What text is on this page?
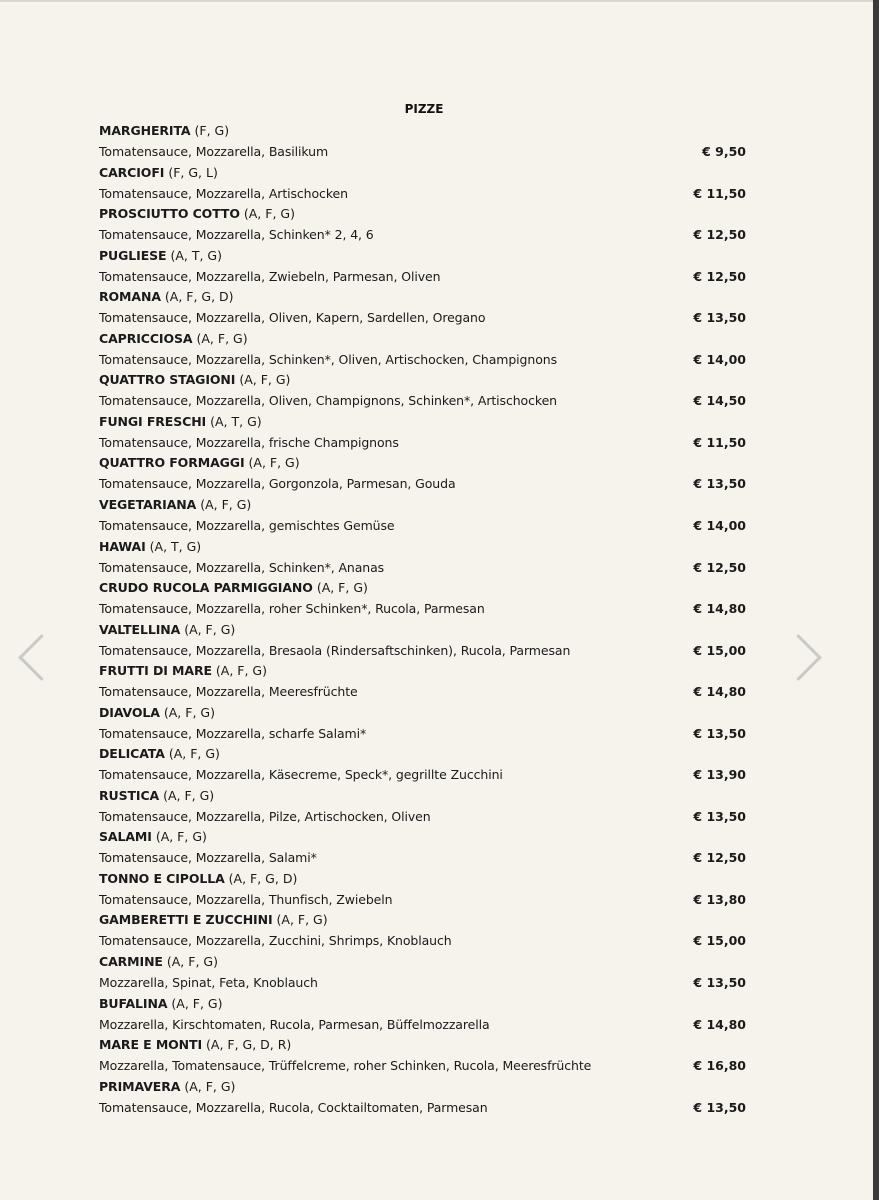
PIZZE
MARGHERITA (F, G)
Tomatensauce, Mozzarella, Basilikum	€ 9,50
CARCIOFI (F, G, L)
Tomatensauce, Mozzarella, Artischocken	€ 11,50
PROSCIUTTO COTTO (A, F, G)
Tomatensauce, Mozzarella, Schinken* 2, 4, 6	€ 12,50
PUGLIESE (A, T, G)
Tomatensauce, Mozzarella, Zwiebeln, Parmesan, Oliven	€ 12,50
ROMANA (A, F, G, D)
Tomatensauce, Mozzarella, Oliven, Kapern, Sardellen, Oregano	€ 13,50
CAPRICCIOSA (A, F, G)
Tomatensauce, Mozzarella, Schinken*, Oliven, Artischocken, Champignons	€ 14,00
QUATTRO STAGIONI (A, F, G)
Tomatensauce, Mozzarella, Oliven, Champignons, Schinken*, Artischocken	€ 14,50
FUNGI FRESCHI (A, T, G)
Tomatensauce, Mozzarella, frische Champignons	€ 11,50
QUATTRO FORMAGGI (A, F, G)
Tomatensauce, Mozzarella, Gorgonzola, Parmesan, Gouda	€ 13,50
VEGETARIANA (A, F, G)
Tomatensauce, Mozzarella, gemischtes Gemüse	€ 14,00
HAWAI (A, T, G)
Tomatensauce, Mozzarella, Schinken*, Ananas	€ 12,50
CRUDO RUCOLA PARMIGGIANO (A, F, G)
Tomatensauce, Mozzarella, roher Schinken*, Rucola, Parmesan	€ 14,80
VALTELLINA (A, F, G)
Tomatensauce, Mozzarella, Bresaola (Rindersaftschinken), Rucola, Parmesan	€ 15,00
FRUTTI DI MARE (A, F, G)
Tomatensauce, Mozzarella, Meeresfrüchte	€ 14,80
DIAVOLA (A, F, G)
Tomatensauce, Mozzarella, scharfe Salami*	€ 13,50
DELICATA (A, F, G)
Tomatensauce, Mozzarella, Käsecreme, Speck*, gegrillte Zucchini	€ 13,90
RUSTICA (A, F, G)
Tomatensauce, Mozzarella, Pilze, Artischocken, Oliven	€ 13,50
SALAMI (A, F, G)
Tomatensauce, Mozzarella, Salami*	€ 12,50
TONNO E CIPOLLA (A, F, G, D)
Tomatensauce, Mozzarella, Thunfisch, Zwiebeln	€ 13,80
GAMBERETTI E ZUCCHINI (A, F, G)
Tomatensauce, Mozzarella, Zucchini, Shrimps, Knoblauch	€ 15,00
CARMINE (A, F, G)
Mozzarella, Spinat, Feta, Knoblauch	€ 13,50
BUFALINA (A, F, G)
Mozzarella, Kirschtomaten, Rucola, Parmesan, Büffelmozzarella	€ 14,80
MARE E MONTI (A, F, G, D, R)
Mozzarella, Tomatensauce, Trüffelcreme, roher Schinken, Rucola, Meeresfrüchte	€ 16,80
PRIMAVERA (A, F, G)
Tomatensauce, Mozzarella, Rucola, Cocktailtomaten, Parmesan	€ 13,50
